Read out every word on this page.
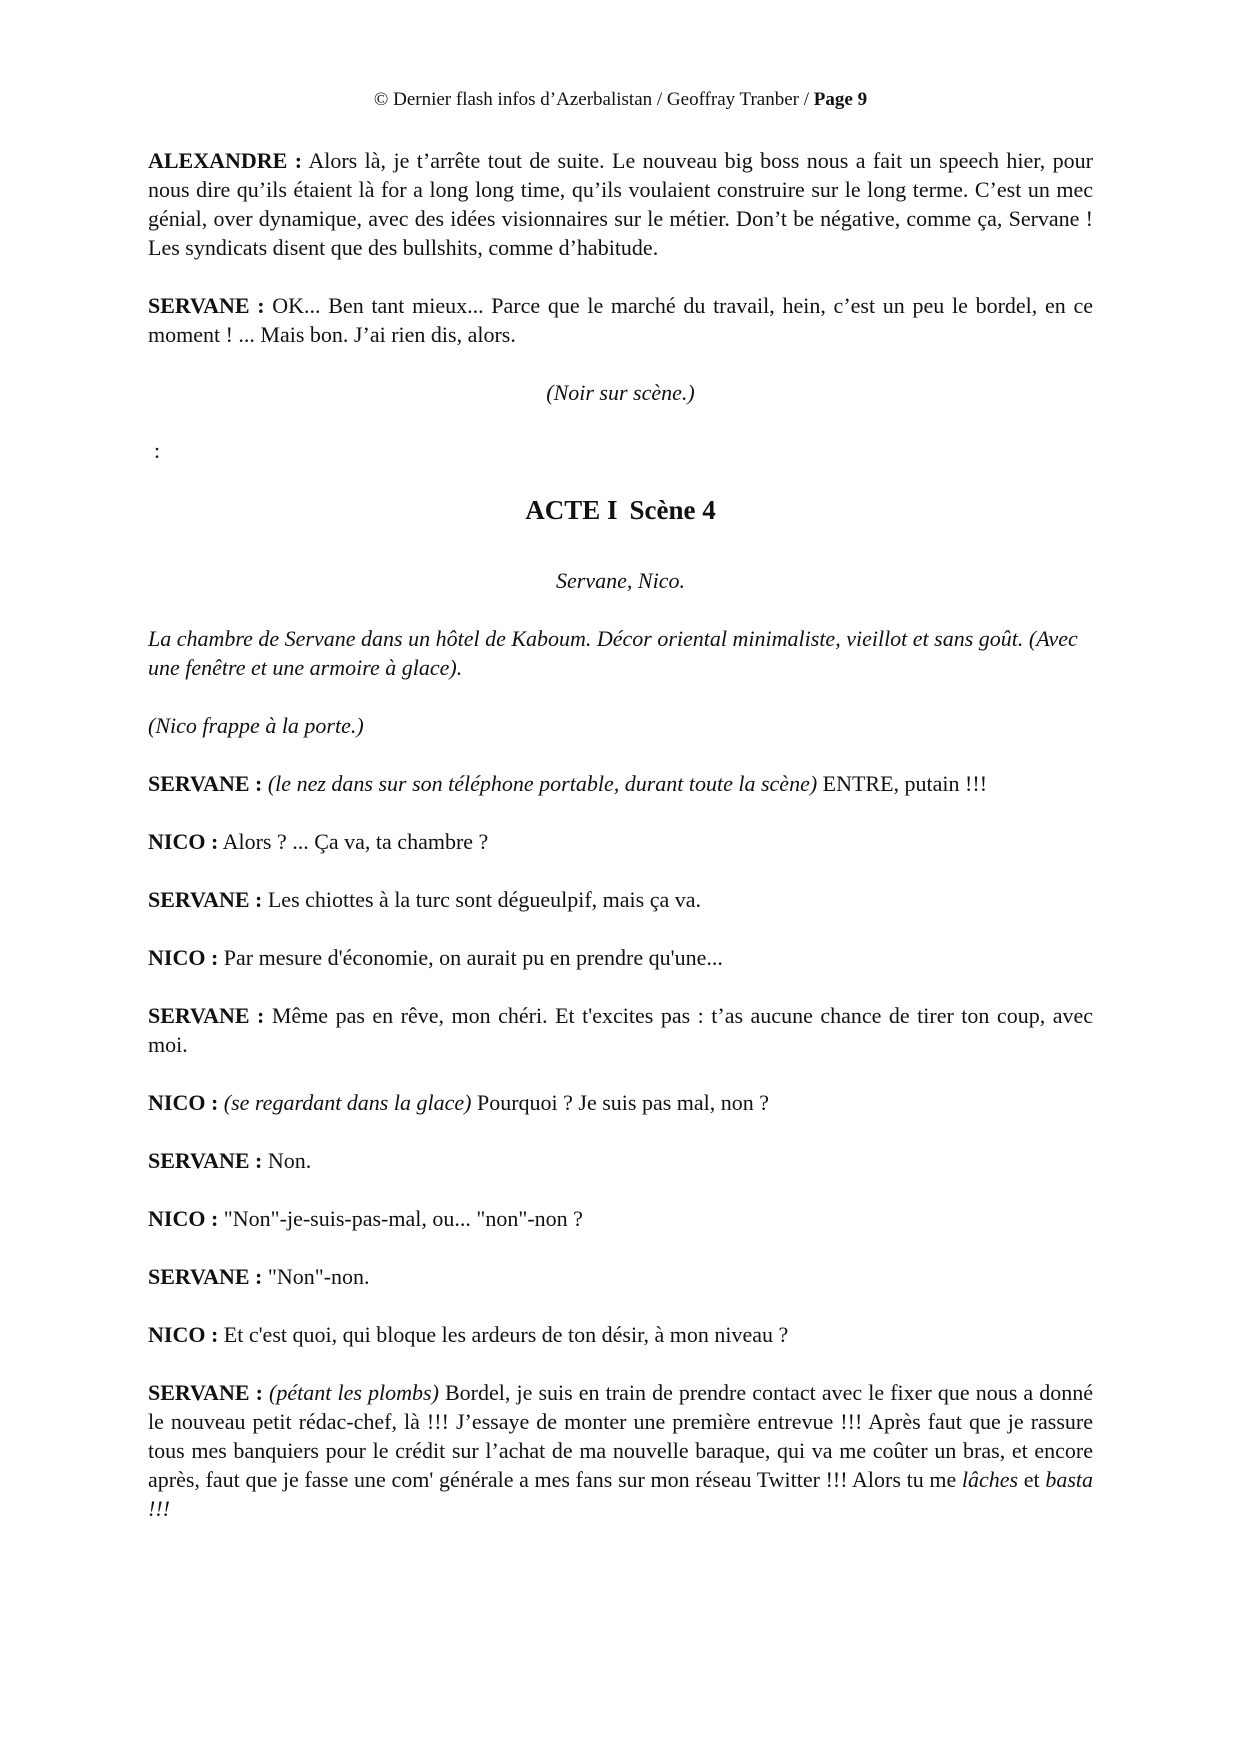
© Dernier flash infos d’Azerbalistan / Geoffray Tranber / Page 9

ALEXANDRE : Alors là, je t’arrête tout de suite. Le nouveau big boss nous a fait un speech hier, pour nous dire qu’ils étaient là for a long long time, qu’ils voulaient construire sur le long terme. C’est un mec génial, over dynamique, avec des idées visionnaires sur le métier. Don’t be négative, comme ça, Servane ! Les syndicats disent que des bullshits, comme d’habitude.

SERVANE : OK... Ben tant mieux... Parce que le marché du travail, hein, c’est un peu le bordel, en ce moment ! ... Mais bon. J’ai rien dis, alors.

(Noir sur scène.)

:

ACTE I Scène 4

Servane, Nico.

La chambre de Servane dans un hôtel de Kaboum. Décor oriental minimaliste, vieillot et sans goût. (Avec une fenêtre et une armoire à glace).

(Nico frappe à la porte.)

SERVANE : (le nez dans sur son téléphone portable, durant toute la scène) ENTRE, putain !!!

NICO : Alors ? ... Ça va, ta chambre ?

SERVANE : Les chiottes à la turc sont dégueulpif, mais ça va.

NICO : Par mesure d'économie, on aurait pu en prendre qu'une...

SERVANE : Même pas en rêve, mon chéri. Et t'excites pas : t’as aucune chance de tirer ton coup, avec moi.

NICO : (se regardant dans la glace) Pourquoi ? Je suis pas mal, non ?

SERVANE : Non.

NICO : "Non"-je-suis-pas-mal, ou... "non"-non ?

SERVANE : "Non"-non.

NICO : Et c'est quoi, qui bloque les ardeurs de ton désir, à mon niveau ?

SERVANE : (pétant les plombs) Bordel, je suis en train de prendre contact avec le fixer que nous a donné le nouveau petit rédac-chef, là !!! J’essaye de monter une première entrevue !!! Après faut que je rassure tous mes banquiers pour le crédit sur l’achat de ma nouvelle baraque, qui va me coûter un bras, et encore après, faut que je fasse une com' générale a mes fans sur mon réseau Twitter !!! Alors tu me lâches et basta !!!
